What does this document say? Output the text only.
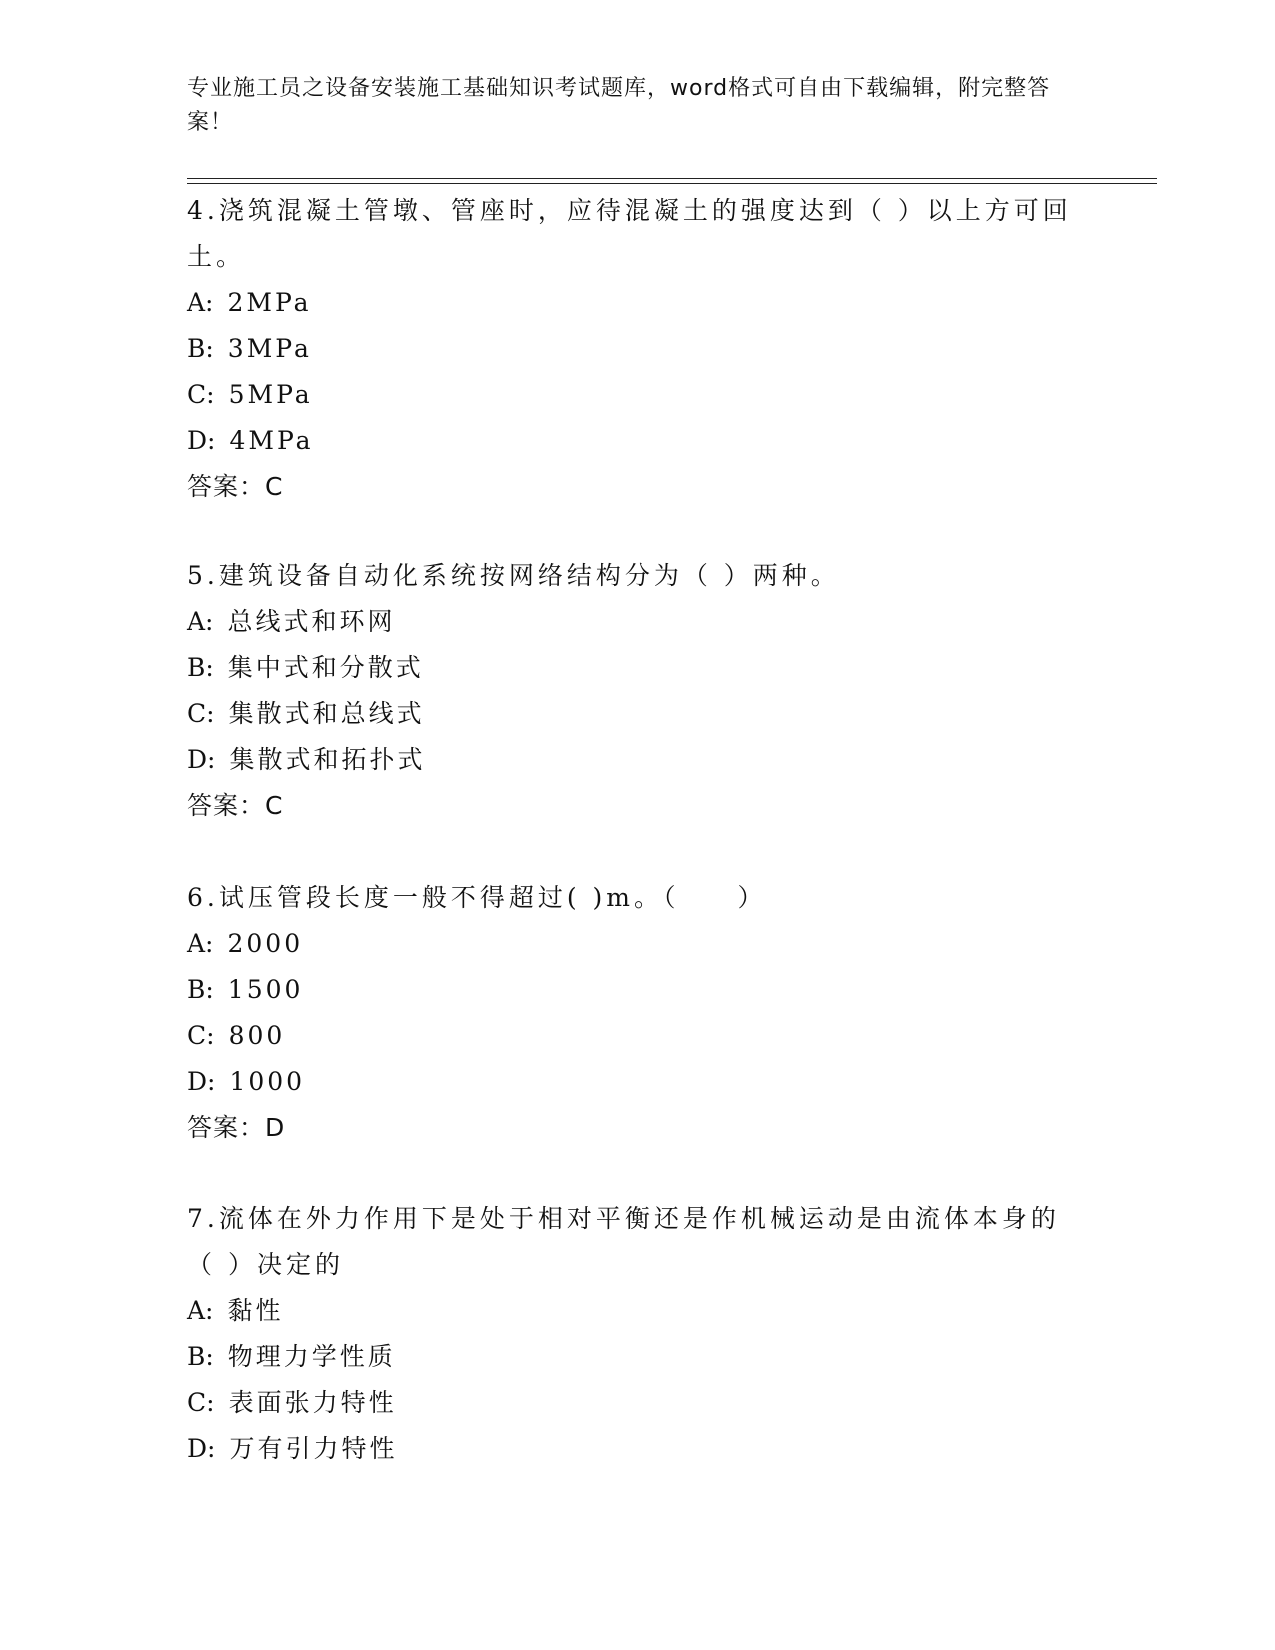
专业施工员之设备安装施工基础知识考试题库，word格式可自由下载编辑，附完整答案！

4.浇筑混凝土管墩、管座时，应待混凝土的强度达到（ ）以上方可回土。

A: 2MPa

B: 3MPa

C: 5MPa

D: 4MPa

答案：C

5.建筑设备自动化系统按网络结构分为（ ）两种。

A: 总线式和环网

B: 集中式和分散式

C: 集散式和总线式

D: 集散式和拓扑式

答案：C

6.试压管段长度一般不得超过( )m。（　　）

A: 2000

B: 1500

C: 800

D: 1000

答案：D

7.流体在外力作用下是处于相对平衡还是作机械运动是由流体本身的（ ）决定的

A: 黏性

B: 物理力学性质

C: 表面张力特性

D: 万有引力特性
